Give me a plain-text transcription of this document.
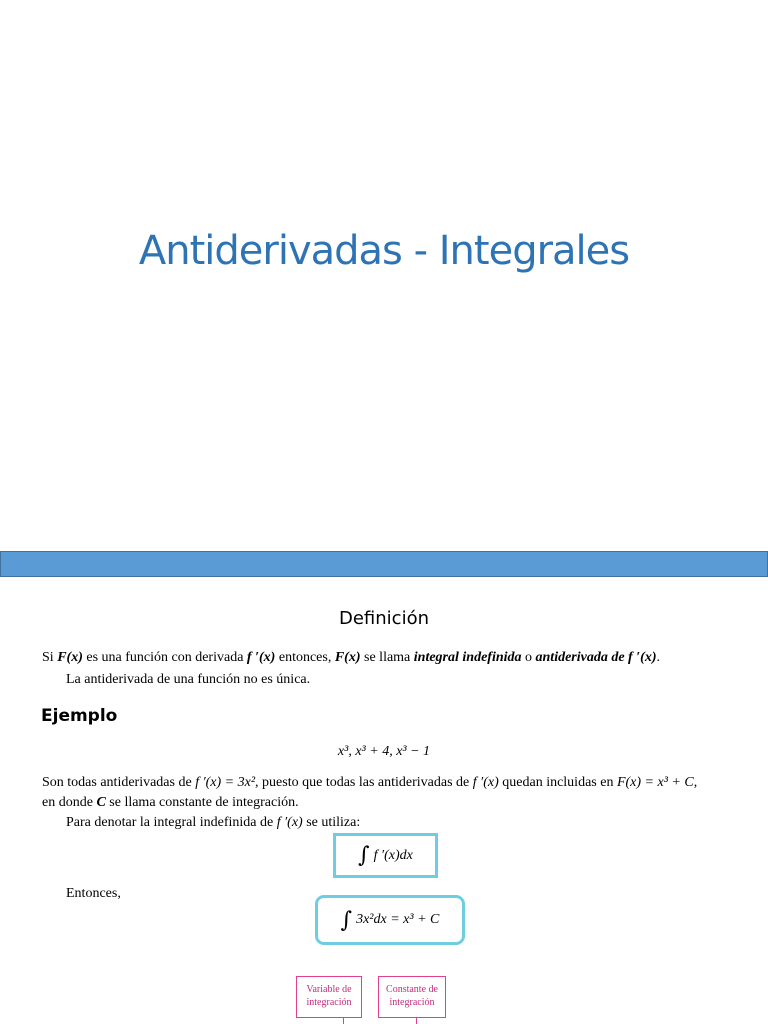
Antiderivadas - Integrales
Definición
Si F(x) es una función con derivada f ′(x) entonces, F(x) se llama integral indefinida o antiderivada de f ′(x).
La antiderivada de una función no es única.
Ejemplo
x³, x³ + 4, x³ − 1
Son todas antiderivadas de f ′(x) = 3x², puesto que todas las antiderivadas de f ′(x) quedan incluidas en F(x) = x³ + C,
en donde C se llama constante de integración.
Para denotar la integral indefinida de f ′(x) se utiliza:
∫ f ′(x)dx
Entonces,
∫ 3x²dx = x³ + C
Variable de integración
Constante de integración
